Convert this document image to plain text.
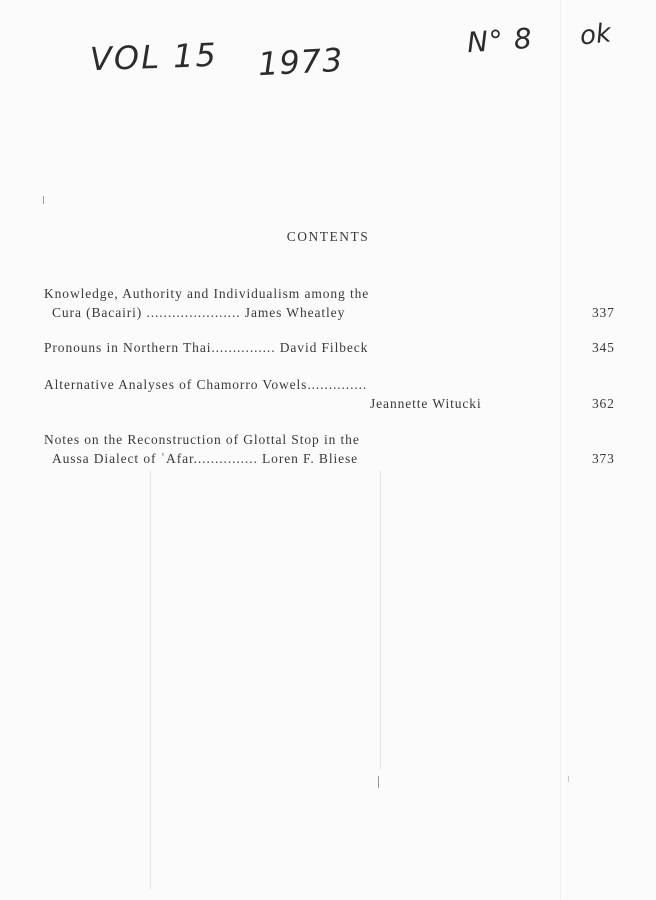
VOL 15 1973
N° 8 ok
CONTENTS
Knowledge, Authority and Individualism among the
Cura (Bacairi) ...................... James Wheatley	337
Pronouns in Northern Thai............... David Filbeck	345
Alternative Analyses of Chamorro Vowels..............
Jeannette Witucki	362
Notes on the Reconstruction of Glottal Stop in the
Aussa Dialect of ʿAfar............... Loren F. Bliese	373
